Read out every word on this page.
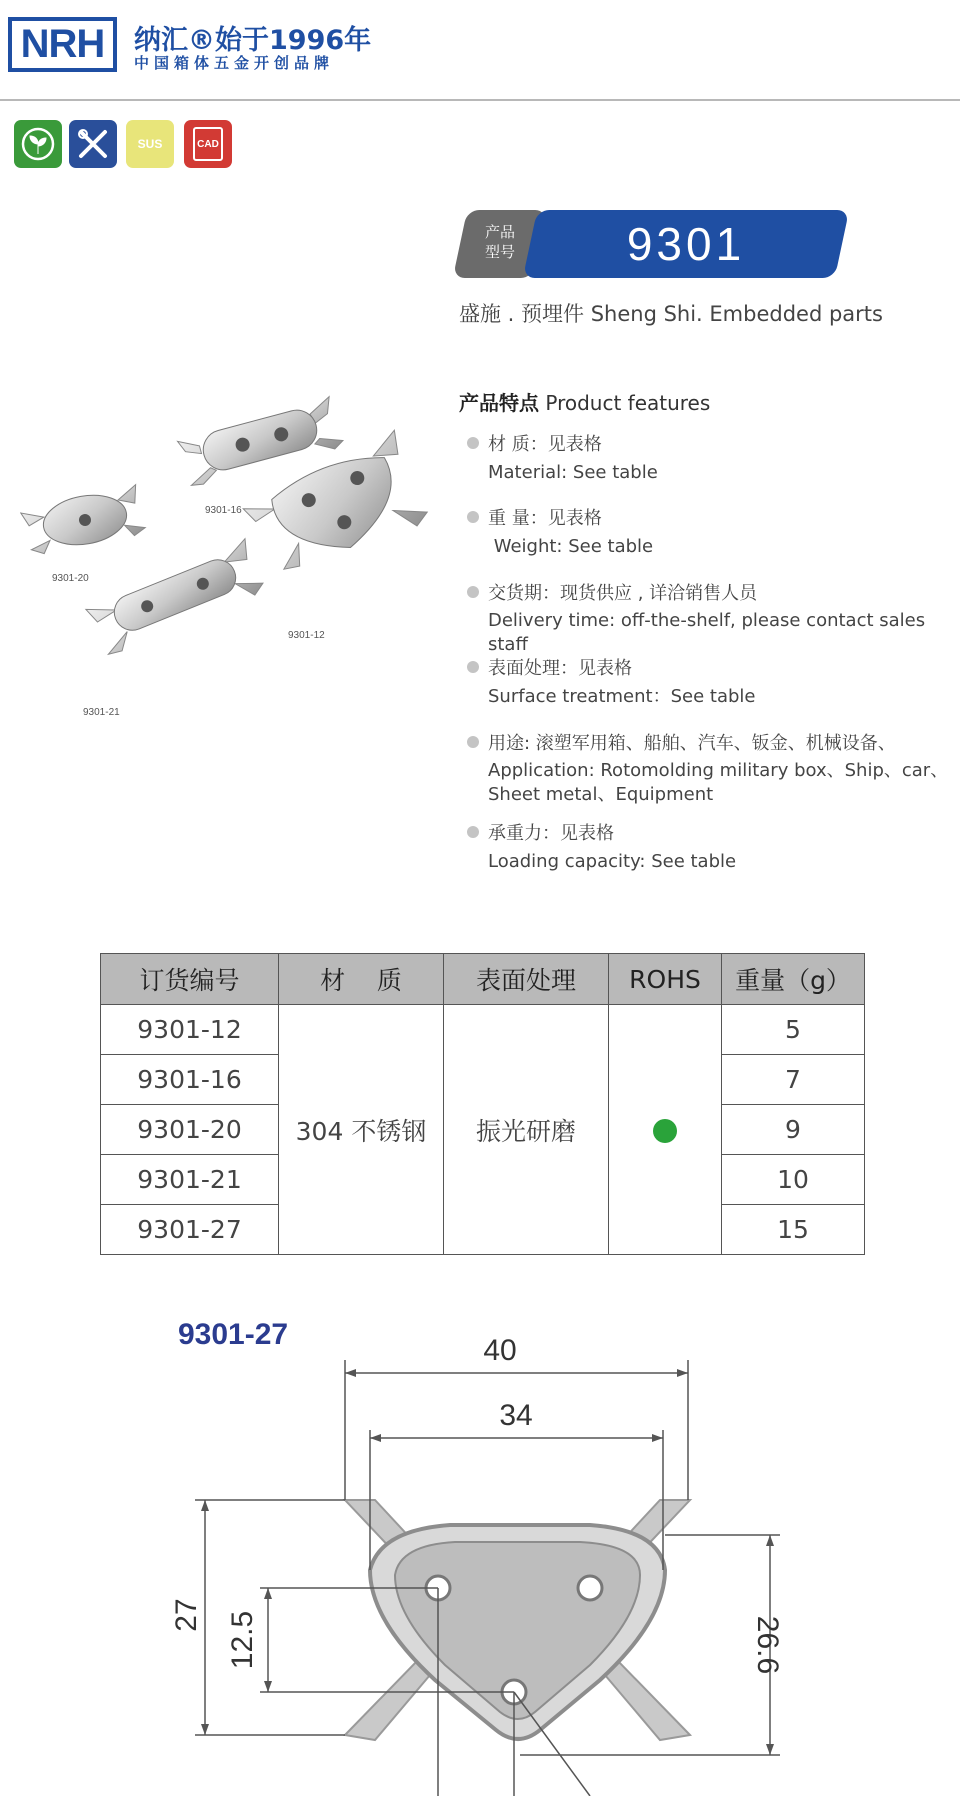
NRH	纳汇®始于1996年
中国箱体五金开创品牌
SUS	CAD
产品
型号	9301
盛施 . 预埋件 Sheng Shi. Embedded parts
9301-16
9301-20
9301-12
9301-21
产品特点 Product features
材 质：见表格
Material: See table
重 量：见表格
Weight: See table
交货期：现货供应 , 详洽销售人员
Delivery time: off-the-shelf, please contact sales staff
表面处理：见表格
Surface treatment：See table
用途: 滚塑军用箱、船舶、汽车、钣金、机械设备、
Application: Rotomolding military box、Ship、car、Sheet metal、Equipment
承重力：见表格
Loading capacity: See table
订货编号	材    质	表面处理	ROHS	重量（g）
9301-12	304 不锈钢	振光研磨		5
9301-16				7
9301-20				9
9301-21				10
9301-27				15
40
34
27 12.5	26.6
9301-27
